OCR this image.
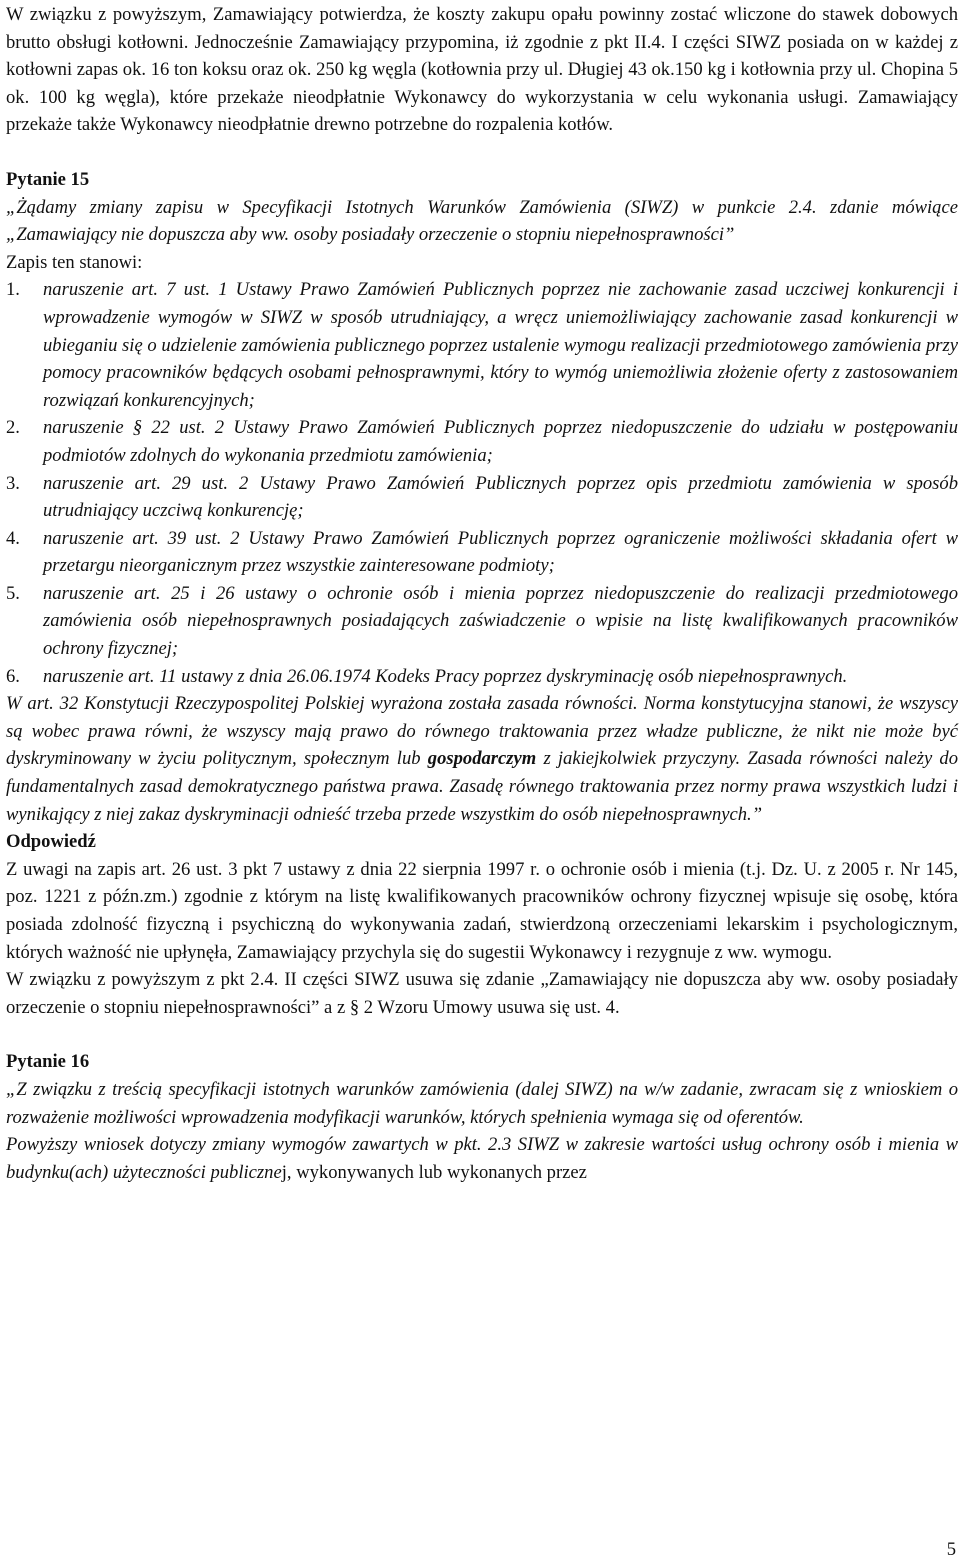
W związku z powyższym, Zamawiający potwierdza, że koszty zakupu opału powinny zostać wliczone do stawek dobowych brutto obsługi kotłowni. Jednocześnie Zamawiający przypomina, iż zgodnie z pkt II.4. I części SIWZ posiada on w każdej z kotłowni zapas ok. 16 ton koksu oraz ok. 250 kg węgla (kotłownia przy ul. Długiej 43 ok.150 kg i kotłownia przy ul. Chopina 5 ok. 100 kg węgla), które przekaże nieodpłatnie Wykonawcy do wykorzystania w celu wykonania usługi. Zamawiający przekaże także Wykonawcy nieodpłatnie drewno potrzebne do rozpalenia kotłów.

Pytanie 15

„Żądamy zmiany zapisu w Specyfikacji Istotnych Warunków Zamówienia (SIWZ) w punkcie 2.4. zdanie mówiące „Zamawiający nie dopuszcza aby ww. osoby posiadały orzeczenie o stopniu niepełnosprawności”

Zapis ten stanowi:

1. naruszenie art. 7 ust. 1 Ustawy Prawo Zamówień Publicznych poprzez nie zachowanie zasad uczciwej konkurencji i wprowadzenie wymogów w SIWZ w sposób utrudniający, a wręcz uniemożliwiający zachowanie zasad konkurencji w ubieganiu się o udzielenie zamówienia publicznego poprzez ustalenie wymogu realizacji przedmiotowego zamówienia przy pomocy pracowników będących osobami pełnosprawnymi, który to wymóg uniemożliwia złożenie oferty z zastosowaniem rozwiązań konkurencyjnych;
2. naruszenie § 22 ust. 2 Ustawy Prawo Zamówień Publicznych poprzez niedopuszczenie do udziału w postępowaniu podmiotów zdolnych do wykonania przedmiotu zamówienia;
3. naruszenie art. 29 ust. 2 Ustawy Prawo Zamówień Publicznych poprzez opis przedmiotu zamówienia w sposób utrudniający uczciwą konkurencję;
4. naruszenie art. 39 ust. 2 Ustawy Prawo Zamówień Publicznych poprzez ograniczenie możliwości składania ofert w przetargu nieorganicznym przez wszystkie zainteresowane podmioty;
5. naruszenie art. 25 i 26 ustawy o ochronie osób i mienia poprzez niedopuszczenie do realizacji przedmiotowego zamówienia osób niepełnosprawnych posiadających zaświadczenie o wpisie na listę kwalifikowanych pracowników ochrony fizycznej;
6. naruszenie art. 11 ustawy z dnia 26.06.1974 Kodeks Pracy poprzez dyskryminację osób niepełnosprawnych.

W art. 32 Konstytucji Rzeczypospolitej Polskiej wyrażona została zasada równości. Norma konstytucyjna stanowi, że wszyscy są wobec prawa równi, że wszyscy mają prawo do równego traktowania przez władze publiczne, że nikt nie może być dyskryminowany w życiu politycznym, społecznym lub gospodarczym z jakiejkolwiek przyczyny. Zasada równości należy do fundamentalnych zasad demokratycznego państwa prawa. Zasadę równego traktowania przez normy prawa wszystkich ludzi i wynikający z niej zakaz dyskryminacji odnieść trzeba przede wszystkim do osób niepełnosprawnych.”

Odpowiedź

Z uwagi na zapis art. 26 ust. 3 pkt 7 ustawy z dnia 22 sierpnia 1997 r. o ochronie osób i mienia (t.j. Dz. U. z 2005 r. Nr 145, poz. 1221 z późn.zm.) zgodnie z którym na listę kwalifikowanych pracowników ochrony fizycznej wpisuje się osobę, która posiada zdolność fizyczną i psychiczną do wykonywania zadań, stwierdzoną orzeczeniami lekarskim i psychologicznym, których ważność nie upłynęła, Zamawiający przychyla się do sugestii Wykonawcy i rezygnuje z ww. wymogu.

W związku z powyższym z pkt 2.4. II części SIWZ usuwa się zdanie „Zamawiający nie dopuszcza aby ww. osoby posiadały orzeczenie o stopniu niepełnosprawności” a z § 2 Wzoru Umowy usuwa się ust. 4.

Pytanie 16

„Z związku z treścią specyfikacji istotnych warunków zamówienia (dalej SIWZ) na w/w zadanie, zwracam się z wnioskiem o rozważenie możliwości wprowadzenia modyfikacji warunków, których spełnienia wymaga się od oferentów.

Powyższy wniosek dotyczy zmiany wymogów zawartych w pkt. 2.3 SIWZ w zakresie wartości usług ochrony osób i mienia w budynku(ach) użyteczności publicznej, wykonywanych lub wykonanych przez

5
